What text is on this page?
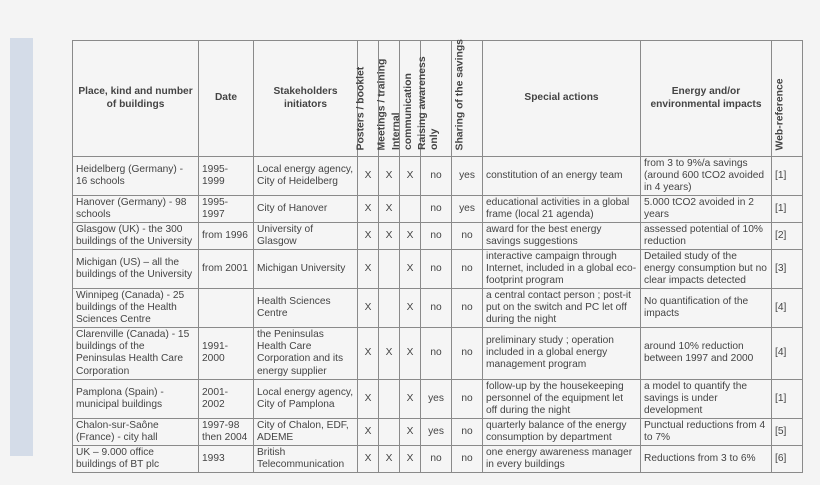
Place, kind and number of buildings	Date	Stakeholders initiators	Posters / booklet	Meetings / training	Internal communication	Raising awareness only	Sharing of the savings	Special actions	Energy and/or environmental impacts	Web-reference

Heidelberg (Germany) - 16 schools	1995-1999	Local energy agency, City of Heidelberg	X	X	X	no	yes	constitution of an energy team	from 3 to 9%/a savings (around 600 tCO2 avoided in 4 years)	[1]
Hanover (Germany) - 98 schools	1995-1997	City of Hanover	X	X		no	yes	educational activities in a global frame (local 21 agenda)	5.000 tCO2 avoided in 2 years	[1]
Glasgow (UK) - the 300 buildings of the University	from 1996	University of Glasgow	X	X	X	no	no	award for the best energy savings suggestions	assessed potential of 10% reduction	[2]
Michigan (US) – all the buildings of the University	from 2001	Michigan University	X		X	no	no	interactive campaign through Internet, included in a global eco-footprint program	Detailed study of the energy consumption but no clear impacts detected	[3]
Winnipeg (Canada) - 25 buildings of the Health Sciences Centre		Health Sciences Centre	X		X	no	no	a central contact person ; post-it put on the switch and PC let off during the night	No quantification of the impacts	[4]
Clarenville (Canada) - 15 buildings of the Peninsulas Health Care Corporation	1991-2000	the Peninsulas Health Care Corporation and its energy supplier	X	X	X	no	no	preliminary study ; operation included in a global energy management program	around 10% reduction between 1997 and 2000	[4]
Pamplona (Spain) - municipal buildings	2001-2002	Local energy agency, City of Pamplona	X		X	yes	no	follow-up by the housekeeping personnel of the equipment let off during the night	a model to quantify the savings is under development	[1]
Chalon-sur-Saône (France) - city hall	1997-98 then 2004	City of Chalon, EDF, ADEME	X		X	yes	no	quarterly balance of the energy consumption by department	Punctual reductions from 4 to 7%	[5]
UK – 9.000 office buildings of BT plc	1993	British Telecommunication	X	X	X	no	no	one energy awareness manager in every buildings	Reductions from 3 to 6%	[6]
